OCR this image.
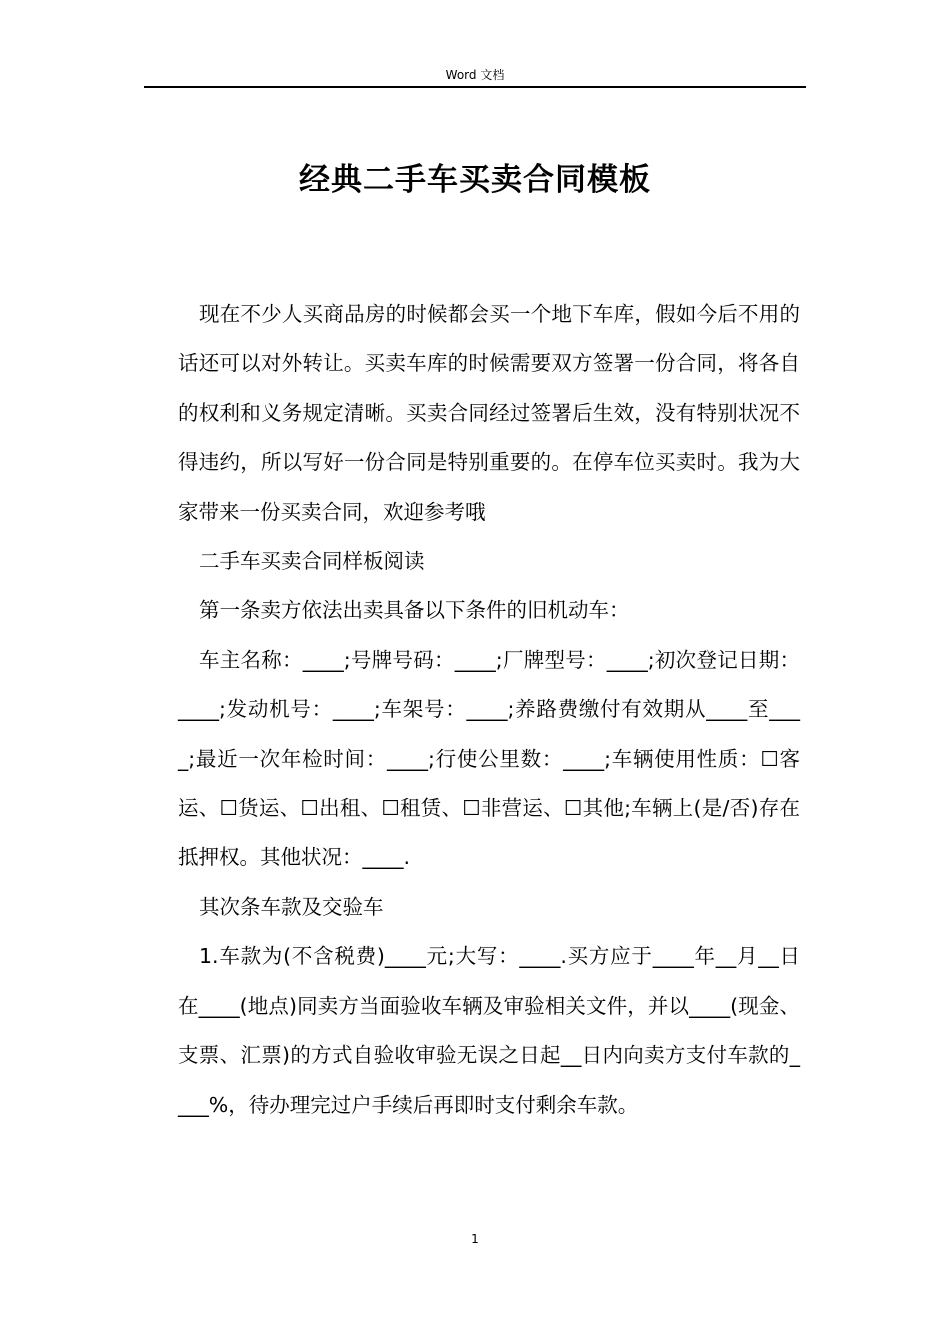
Word 文档
经典二手车买卖合同模板

现在不少人买商品房的时候都会买一个地下车库，假如今后不用的话还可以对外转让。买卖车库的时候需要双方签署一份合同，将各自的权利和义务规定清晰。买卖合同经过签署后生效，没有特别状况不得违约，所以写好一份合同是特别重要的。在停车位买卖时。我为大家带来一份买卖合同，欢迎参考哦

二手车买卖合同样板阅读

第一条卖方依法出卖具备以下条件的旧机动车：

车主名称：____;号牌号码：____;厂牌型号：____;初次登记日期：____;发动机号：____;车架号：____;养路费缴付有效期从____至____;最近一次年检时间：____;行使公里数：____;车辆使用性质：☐客运、☐货运、☐出租、☐租赁、☐非营运、☐其他;车辆上(是/否)存在抵押权。其他状况：____.

其次条车款及交验车

1.车款为(不含税费)____元;大写：____.买方应于____年__月__日在____(地点)同卖方当面验收车辆及审验相关文件，并以____(现金、支票、汇票)的方式自验收审验无误之日起__日内向卖方支付车款的____%，待办理完过户手续后再即时支付剩余车款。

1
